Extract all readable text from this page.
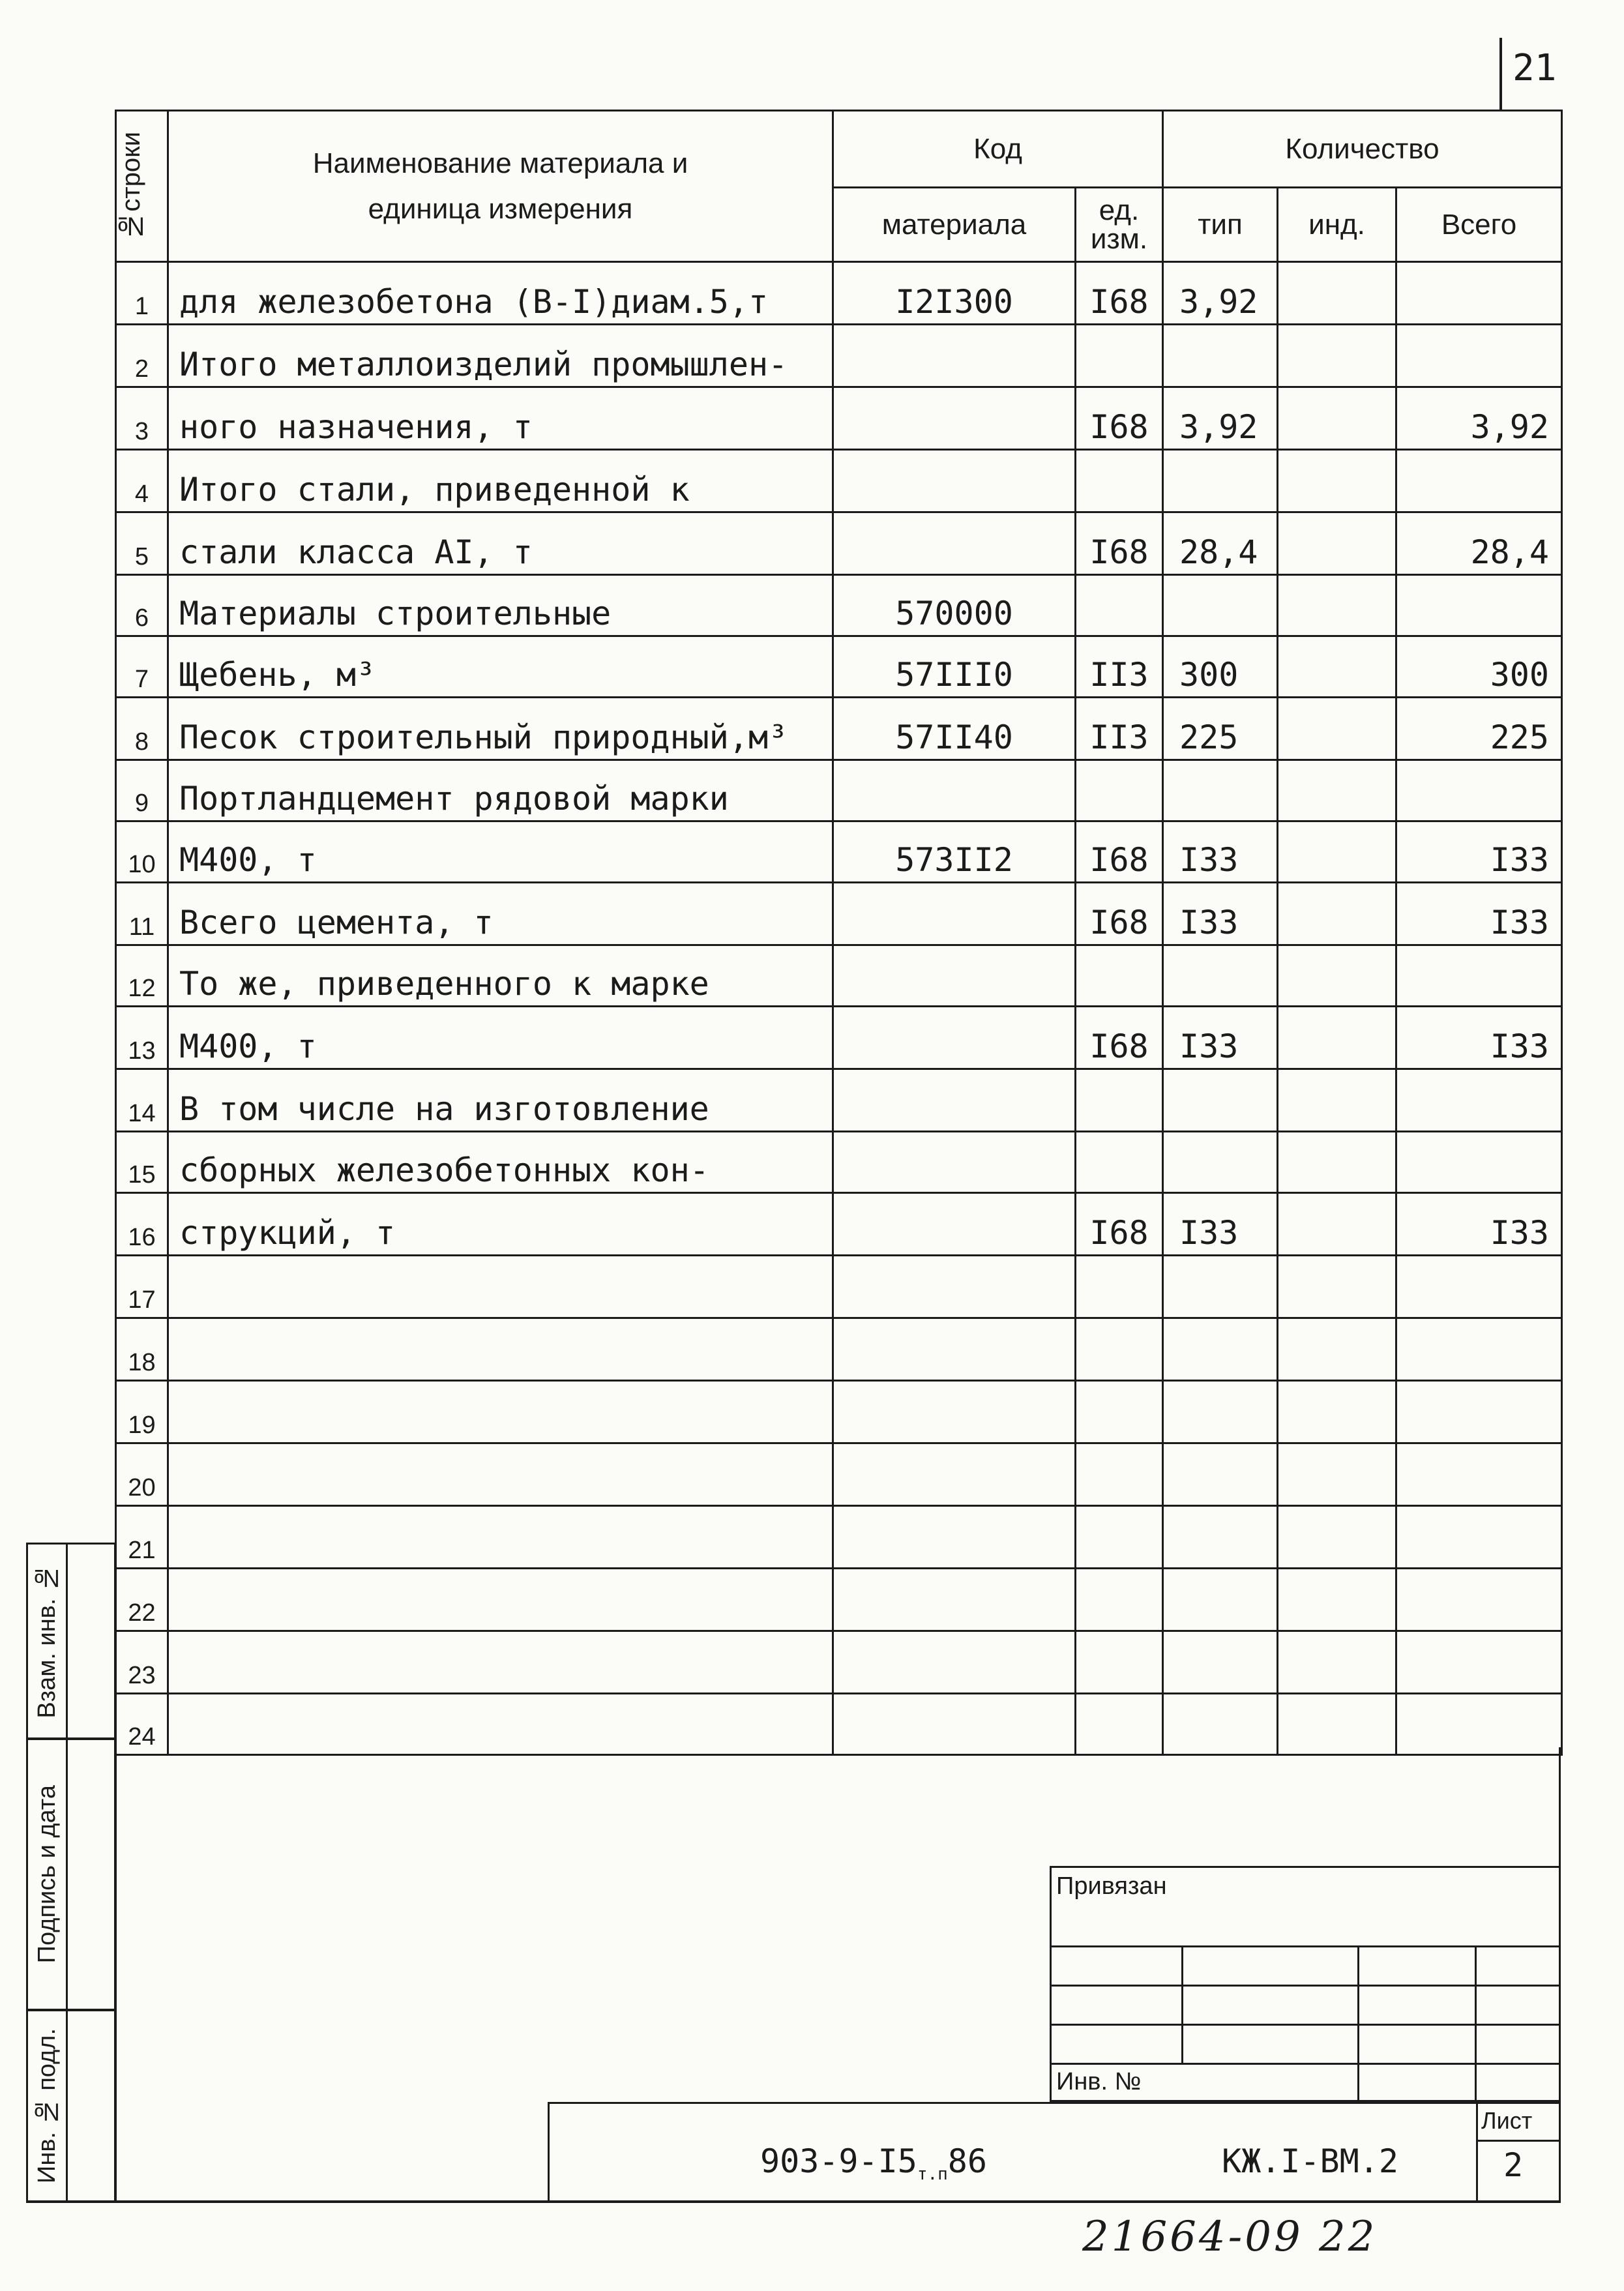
21
№строки	Наименование материала и единица измерения	Код		Количество		
		материала	ед. изм.	тип	инд.	Всего
1	для железобетона (В-I)диам.5,т	I2I300	I68	3,92		
2	Итого металлоизделий промышлен-					
3	ного назначения, т		I68	3,92		3,92
4	Итого стали, приведенной к					
5	стали класса AI, т		I68	28,4		28,4
6	Материалы строительные	570000				
7	Щебень, м³	57III0	II3	300		300
8	Песок строительный природный,м³	57II40	II3	225		225
9	Портландцемент рядовой марки					
10	М400, т	573II2	I68	I33		I33
11	Всего цемента, т		I68	I33		I33
12	То же, приведенного к марке					
13	М400, т		I68	I33		I33
14	В том числе на изготовление					
15	сборных железобетонных кон-					
16	струкций, т		I68	I33		I33
17						
18						
19						
20						
21						
22						
23						
24						
Взам. инв. №
Подпись и дата
Инв. № подл.
Привязан
Инв. №
$903-9-I5_{т.п}86$	КЖ.I-ВМ.2
Лист
2
21664-09 22
